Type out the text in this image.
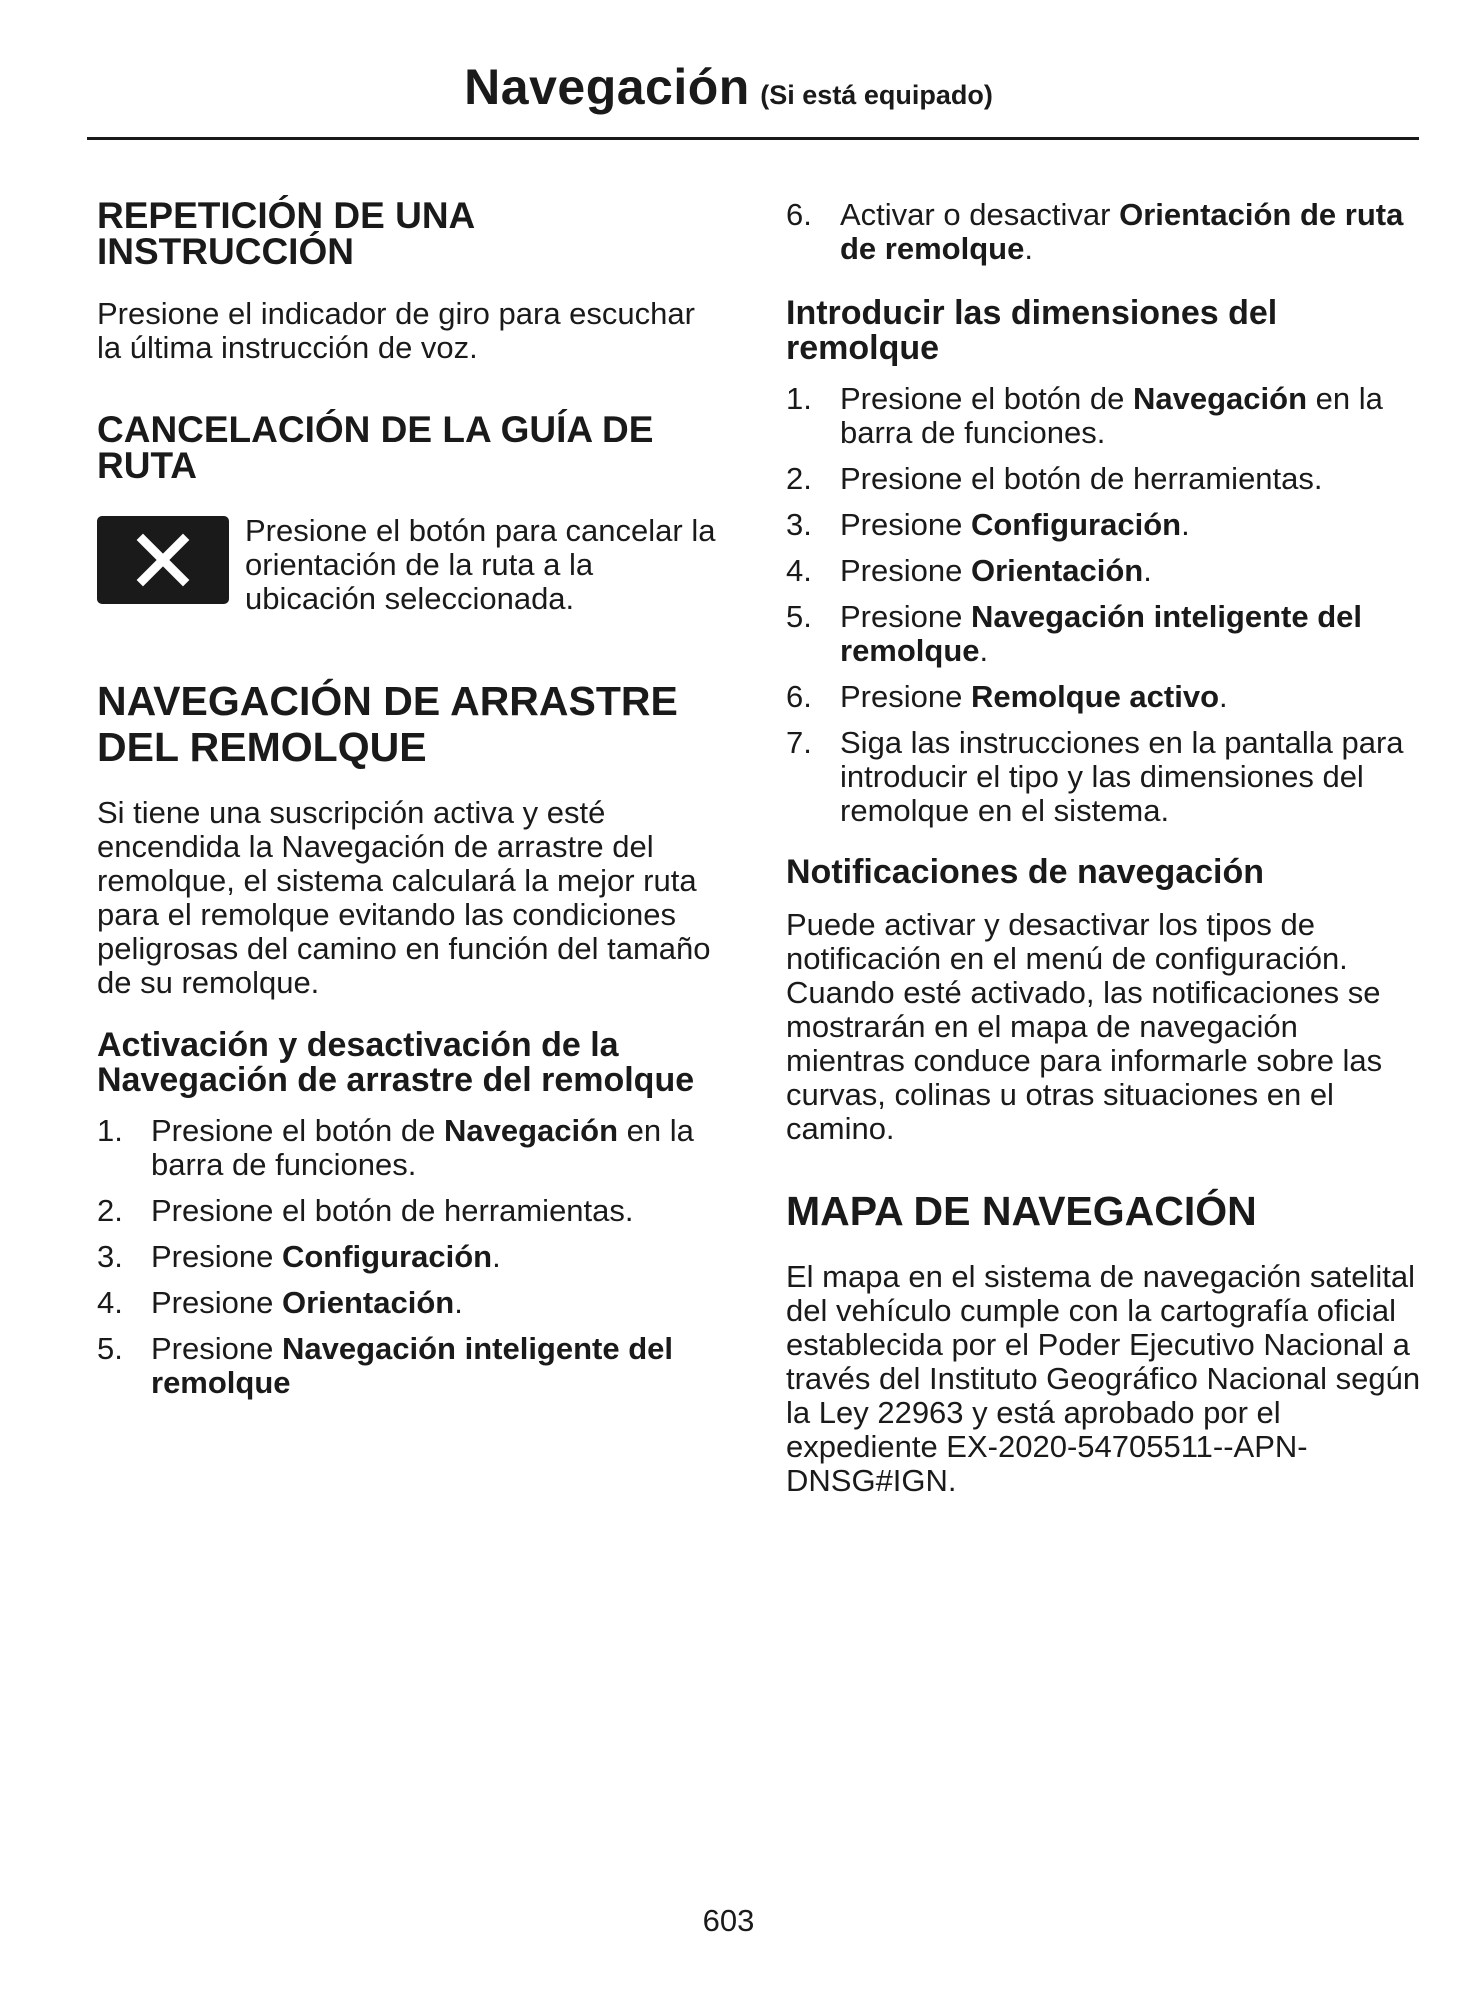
Navegación (Si está equipado)
REPETICIÓN DE UNA
INSTRUCCIÓN

Presione el indicador de giro para escuchar la última instrucción de voz.

CANCELACIÓN DE LA GUÍA DE
RUTA

Presione el botón para cancelar la orientación de la ruta a la ubicación seleccionada.

NAVEGACIÓN DE ARRASTRE
DEL REMOLQUE

Si tiene una suscripción activa y esté encendida la Navegación de arrastre del remolque, el sistema calculará la mejor ruta para el remolque evitando las condiciones peligrosas del camino en función del tamaño de su remolque.

Activación y desactivación de la Navegación de arrastre del remolque
1. Presione el botón de Navegación en la barra de funciones.
2. Presione el botón de herramientas.
3. Presione Configuración.
4. Presione Orientación.
5. Presione Navegación inteligente del remolque
6. Activar o desactivar Orientación de ruta de remolque.
Introducir las dimensiones del remolque
1. Presione el botón de Navegación en la barra de funciones.
2. Presione el botón de herramientas.
3. Presione Configuración.
4. Presione Orientación.
5. Presione Navegación inteligente del remolque.
6. Presione Remolque activo.
7. Siga las instrucciones en la pantalla para introducir el tipo y las dimensiones del remolque en el sistema.
Notificaciones de navegación

Puede activar y desactivar los tipos de notificación en el menú de configuración. Cuando esté activado, las notificaciones se mostrarán en el mapa de navegación mientras conduce para informarle sobre las curvas, colinas u otras situaciones en el camino.

MAPA DE NAVEGACIÓN

El mapa en el sistema de navegación satelital del vehículo cumple con la cartografía oficial establecida por el Poder Ejecutivo Nacional a través del Instituto Geográfico Nacional según la Ley 22963 y está aprobado por el expediente EX-2020-54705511--APN-DNSG#IGN.

603
